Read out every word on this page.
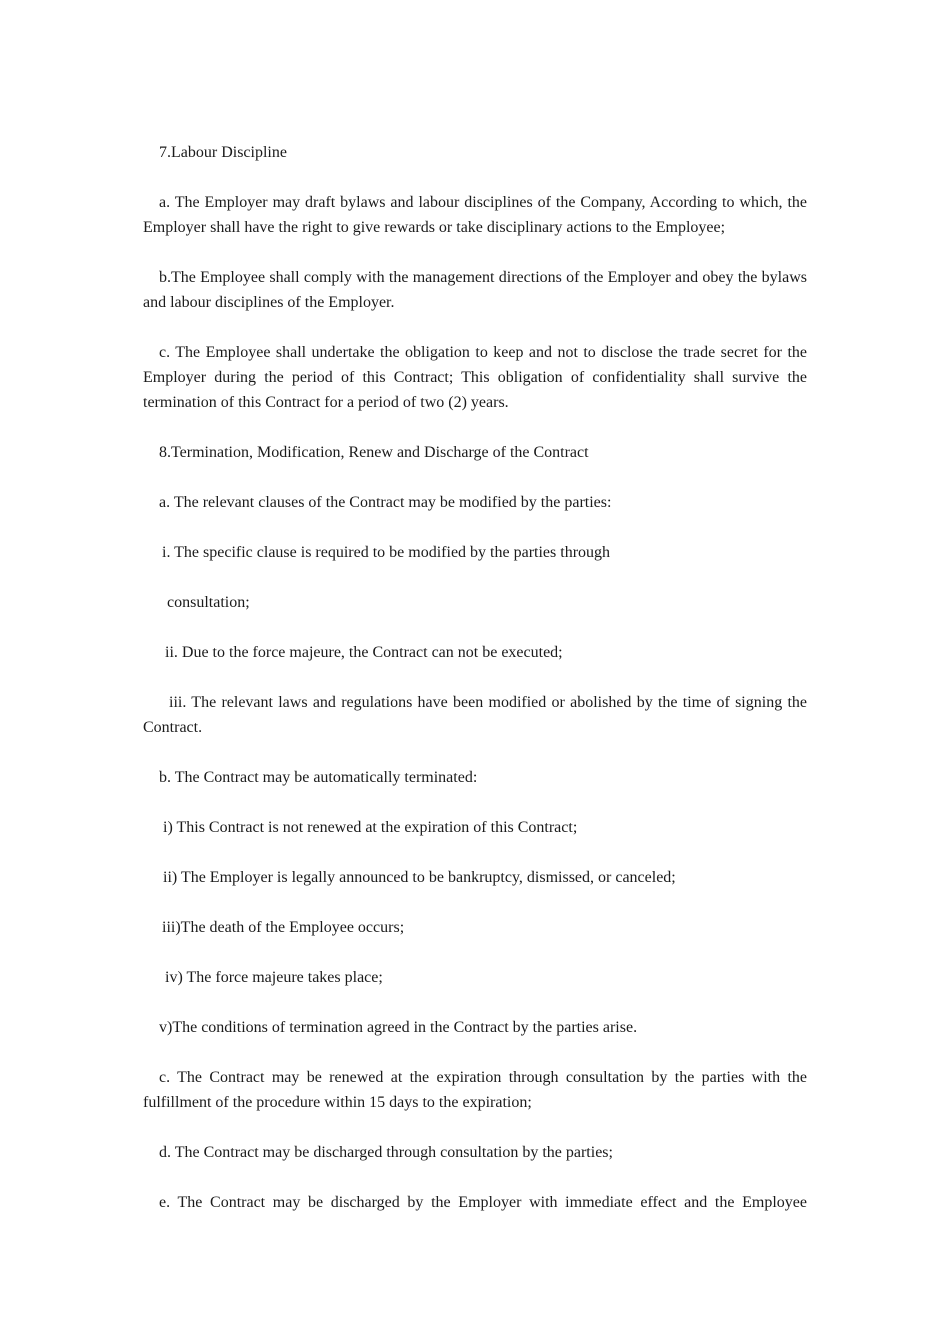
7.Labour Discipline

a. The Employer may draft bylaws and labour disciplines of the Company, According to which, the Employer shall have the right to give rewards or take disciplinary actions to the Employee;

b.The Employee shall comply with the management directions of the Employer and obey the bylaws and labour disciplines of the Employer.

c. The Employee shall undertake the obligation to keep and not to disclose the trade secret for the Employer during the period of this Contract; This obligation of confidentiality shall survive the termination of this Contract for a period of two (2) years.

8.Termination, Modification, Renew and Discharge of the Contract

a. The relevant clauses of the Contract may be modified by the parties:

i. The specific clause is required to be modified by the parties through

consultation;

ii. Due to the force majeure, the Contract can not be executed;

iii. The relevant laws and regulations have been modified or abolished by the time of signing the Contract.

b. The Contract may be automatically terminated:

i) This Contract is not renewed at the expiration of this Contract;

ii) The Employer is legally announced to be bankruptcy, dismissed, or canceled;

iii)The death of the Employee occurs;

iv) The force majeure takes place;

v)The conditions of termination agreed in the Contract by the parties arise.

c. The Contract may be renewed at the expiration through consultation by the parties with the fulfillment of the procedure within 15 days to the expiration;

d. The Contract may be discharged through consultation by the parties;

e. The Contract may be discharged by the Employer with immediate effect and the Employee
